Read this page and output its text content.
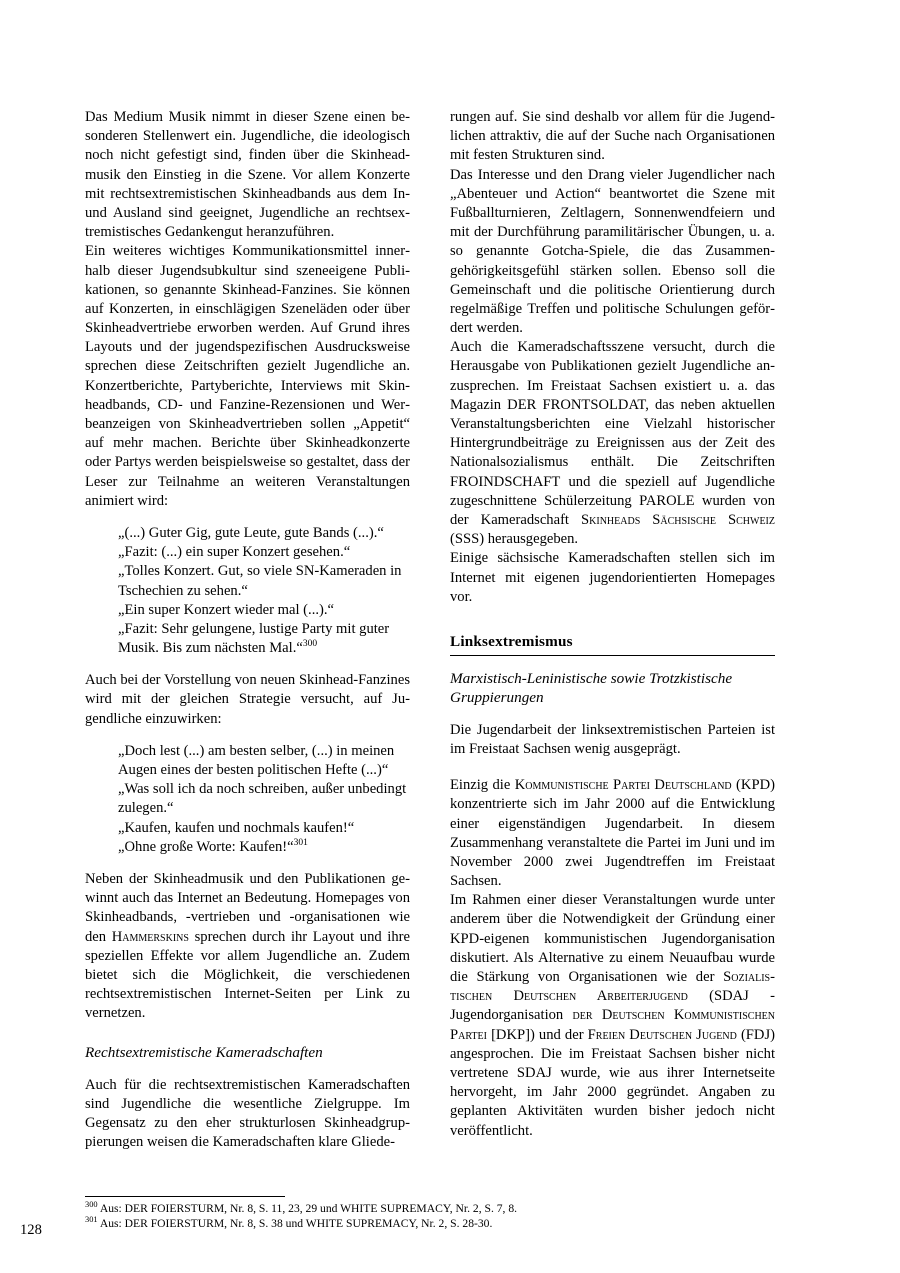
Das Medium Musik nimmt in dieser Szene einen besonderen Stellenwert ein. Jugendliche, die ideologisch noch nicht gefestigt sind, finden über die Skinheadmusik den Einstieg in die Szene. Vor allem Konzerte mit rechtsextremistischen Skinheadbands aus dem In- und Ausland sind geeignet, Jugendliche an rechtsextremistisches Gedankengut heranzuführen.

Ein weiteres wichtiges Kommunikationsmittel innerhalb dieser Jugendsubkultur sind szeneeigene Publikationen, so genannte Skinhead-Fanzines. Sie können auf Konzerten, in einschlägigen Szeneläden oder über Skinheadvertriebe erworben werden. Auf Grund ihres Layouts und der jugendspezifischen Ausdrucksweise sprechen diese Zeitschriften gezielt Jugendliche an. Konzertberichte, Partyberichte, Interviews mit Skinheadbands, CD- und Fanzine-Rezensionen und Werbeanzeigen von Skinheadvertrieben sollen „Appetit“ auf mehr machen. Berichte über Skinheadkonzerte oder Partys werden beispielsweise so gestaltet, dass der Leser zur Teilnahme an weiteren Veranstaltungen animiert wird:

„(...) Guter Gig, gute Leute, gute Bands (...).“

„Fazit: (...) ein super Konzert gesehen.“

„Tolles Konzert. Gut, so viele SN-Kameraden in Tschechien zu sehen.“

„Ein super Konzert wieder mal (...).“

„Fazit: Sehr gelungene, lustige Party mit guter Musik. Bis zum nächsten Mal.“$^{300}$

Auch bei der Vorstellung von neuen Skinhead-Fanzines wird mit der gleichen Strategie versucht, auf Jugendliche einzuwirken:

„Doch lest (...) am besten selber, (...) in meinen Augen eines der besten politischen Hefte (...)“

„Was soll ich da noch schreiben, außer unbedingt zulegen.“

„Kaufen, kaufen und nochmals kaufen!“

„Ohne große Worte: Kaufen!“$^{301}$

Neben der Skinheadmusik und den Publikationen gewinnt auch das Internet an Bedeutung. Homepages von Skinheadbands, -vertrieben und -organisationen wie den Hammerskins sprechen durch ihr Layout und ihre speziellen Effekte vor allem Jugendliche an. Zudem bietet sich die Möglichkeit, die verschiedenen rechtsextremistischen Internet-Seiten per Link zu vernetzen.

Rechtsextremistische Kameradschaften

Auch für die rechtsextremistischen Kameradschaften sind Jugendliche die wesentliche Zielgruppe. Im Gegensatz zu den eher strukturlosen Skinheadgruppierungen weisen die Kameradschaften klare Gliede-

rungen auf. Sie sind deshalb vor allem für die Jugendlichen attraktiv, die auf der Suche nach Organisationen mit festen Strukturen sind.

Das Interesse und den Drang vieler Jugendlicher nach „Abenteuer und Action“ beantwortet die Szene mit Fußballturnieren, Zeltlagern, Sonnenwendfeiern und mit der Durchführung paramilitärischer Übungen, u. a. so genannte Gotcha-Spiele, die das Zusammengehörigkeitsgefühl stärken sollen. Ebenso soll die Gemeinschaft und die politische Orientierung durch regelmäßige Treffen und politische Schulungen gefördert werden.

Auch die Kameradschaftsszene versucht, durch die Herausgabe von Publikationen gezielt Jugendliche anzusprechen. Im Freistaat Sachsen existiert u. a. das Magazin DER FRONTSOLDAT, das neben aktuellen Veranstaltungsberichten eine Vielzahl historischer Hintergrundbeiträge zu Ereignissen aus der Zeit des Nationalsozialismus enthält. Die Zeitschriften FROINDSCHAFT und die speziell auf Jugendliche zugeschnittene Schülerzeitung PAROLE wurden von der Kameradschaft Skinheads Sächsische Schweiz (SSS) herausgegeben.

Einige sächsische Kameradschaften stellen sich im Internet mit eigenen jugendorientierten Homepages vor.

Linksextremismus
Marxistisch-Leninistische sowie Trotzkistische Gruppierungen

Die Jugendarbeit der linksextremistischen Parteien ist im Freistaat Sachsen wenig ausgeprägt.

Einzig die Kommunistische Partei Deutschland (KPD) konzentrierte sich im Jahr 2000 auf die Entwicklung einer eigenständigen Jugendarbeit. In diesem Zusammenhang veranstaltete die Partei im Juni und im November 2000 zwei Jugendtreffen im Freistaat Sachsen.

Im Rahmen einer dieser Veranstaltungen wurde unter anderem über die Notwendigkeit der Gründung einer KPD-eigenen kommunistischen Jugendorganisation diskutiert. Als Alternative zu einem Neuaufbau wurde die Stärkung von Organisationen wie der Sozialistischen Deutschen Arbeiterjugend (SDAJ - Jugendorganisation der Deutschen Kommunistischen Partei [DKP]) und der Freien Deutschen Jugend (FDJ) angesprochen. Die im Freistaat Sachsen bisher nicht vertretene SDAJ wurde, wie aus ihrer Internetseite hervorgeht, im Jahr 2000 gegründet. Angaben zu geplanten Aktivitäten wurden bisher jedoch nicht veröffentlicht.

$^{300}$ Aus: DER FOIERSTURM, Nr. 8, S. 11, 23, 29 und WHITE SUPREMACY, Nr. 2, S. 7, 8.

$^{301}$ Aus: DER FOIERSTURM, Nr. 8, S. 38 und WHITE SUPREMACY, Nr. 2, S. 28-30.

128
